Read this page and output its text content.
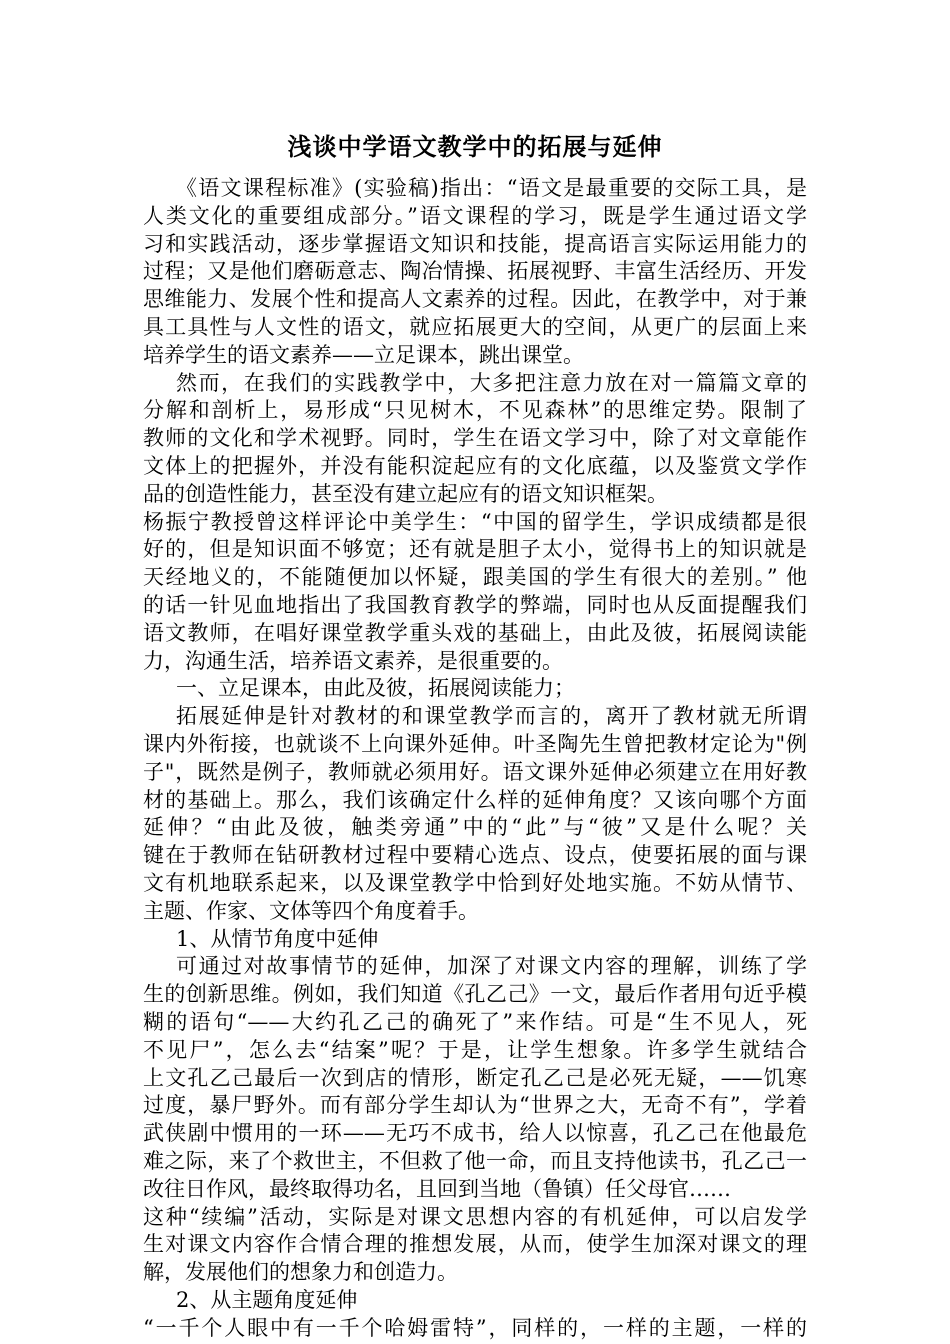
浅谈中学语文教学中的拓展与延伸
《语文课程标准》(实验稿)指出：“语文是最重要的交际工具，是
人类文化的重要组成部分。”语文课程的学习，既是学生通过语文学
习和实践活动，逐步掌握语文知识和技能，提高语言实际运用能力的
过程；又是他们磨砺意志、陶冶情操、拓展视野、丰富生活经历、开发
思维能力、发展个性和提高人文素养的过程。因此，在教学中，对于兼
具工具性与人文性的语文，就应拓展更大的空间，从更广的层面上来
培养学生的语文素养——立足课本，跳出课堂。
然而，在我们的实践教学中，大多把注意力放在对一篇篇文章的
分解和剖析上，易形成“只见树木，不见森林”的思维定势。限制了
教师的文化和学术视野。同时，学生在语文学习中，除了对文章能作
文体上的把握外，并没有能积淀起应有的文化底蕴，以及鉴赏文学作
品的创造性能力，甚至没有建立起应有的语文知识框架。
杨振宁教授曾这样评论中美学生：“中国的留学生，学识成绩都是很
好的，但是知识面不够宽；还有就是胆子太小，觉得书上的知识就是
天经地义的，不能随便加以怀疑，跟美国的学生有很大的差别。” 他
的话一针见血地指出了我国教育教学的弊端，同时也从反面提醒我们
语文教师，在唱好课堂教学重头戏的基础上，由此及彼，拓展阅读能
力，沟通生活，培养语文素养，是很重要的。
一、立足课本，由此及彼，拓展阅读能力；
拓展延伸是针对教材的和课堂教学而言的，离开了教材就无所谓
课内外衔接，也就谈不上向课外延伸。叶圣陶先生曾把教材定论为"例
子"，既然是例子，教师就必须用好。语文课外延伸必须建立在用好教
材的基础上。那么，我们该确定什么样的延伸角度？又该向哪个方面
延伸？“由此及彼，触类旁通”中的“此”与“彼”又是什么呢？关
键在于教师在钻研教材过程中要精心选点、设点，使要拓展的面与课
文有机地联系起来，以及课堂教学中恰到好处地实施。不妨从情节、
主题、作家、文体等四个角度着手。
1、从情节角度中延伸
可通过对故事情节的延伸，加深了对课文内容的理解，训练了学
生的创新思维。例如，我们知道《孔乙己》一文，最后作者用句近乎模
糊的语句“——大约孔乙己的确死了”来作结。可是“生不见人，死
不见尸”，怎么去“结案”呢？于是，让学生想象。许多学生就结合
上文孔乙己最后一次到店的情形，断定孔乙己是必死无疑，——饥寒
过度，暴尸野外。而有部分学生却认为“世界之大，无奇不有”，学着
武侠剧中惯用的一环——无巧不成书，给人以惊喜，孔乙己在他最危
难之际，来了个救世主，不但救了他一命，而且支持他读书，孔乙己一
改往日作风，最终取得功名，且回到当地（鲁镇）任父母官……
这种“续编”活动，实际是对课文思想内容的有机延伸，可以启发学
生对课文内容作合情合理的推想发展，从而，使学生加深对课文的理
解，发展他们的想象力和创造力。
2、从主题角度延伸
“一千个人眼中有一千个哈姆雷特”，同样的，一样的主题，一样的
